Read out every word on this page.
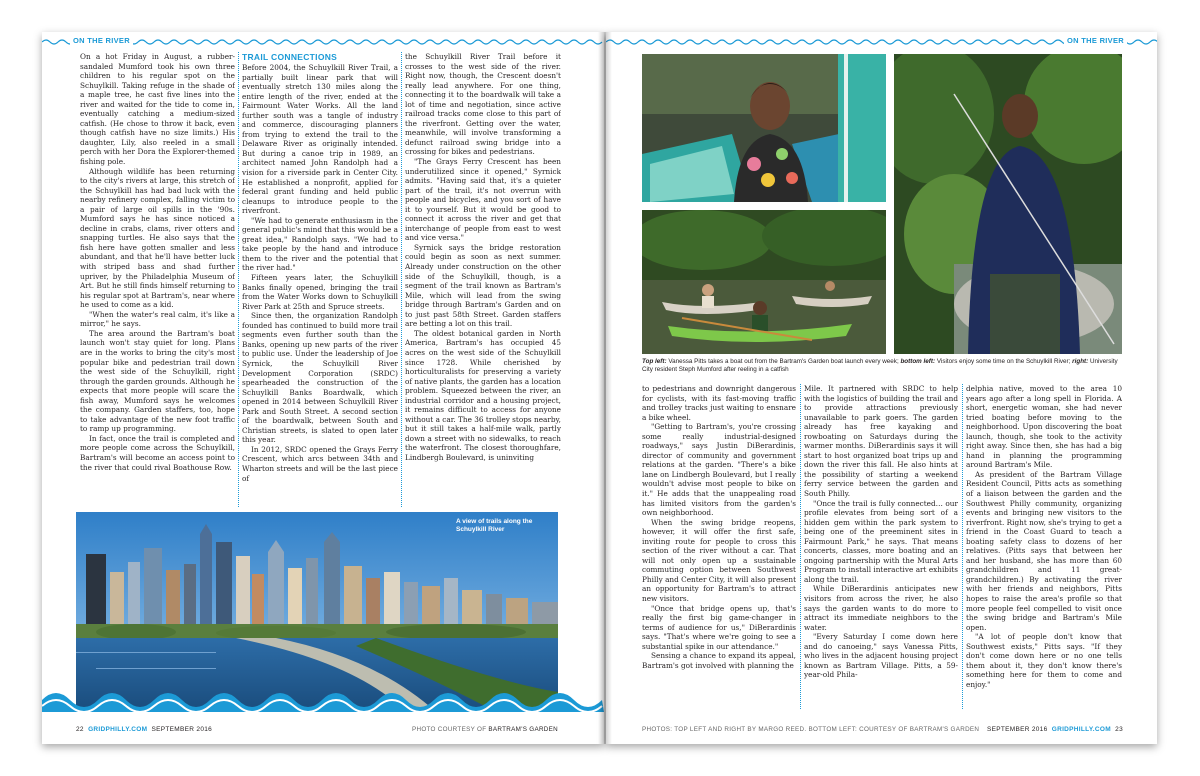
ON THE RIVER

On a hot Friday in August, a rubber-sandaled Mumford took his own three children to his regular spot on the Schuylkill. Taking refuge in the shade of a maple tree, he cast five lines into the river and waited for the tide to come in, eventually catching a medium-sized catfish. (He chose to throw it back, even though catfish have no size limits.) His daughter, Lily, also reeled in a small perch with her Dora the Explorer-themed fishing pole.

Although wildlife has been returning to the city's rivers at large, this stretch of the Schuylkill has had bad luck with the nearby refinery complex, falling victim to a pair of large oil spills in the '90s. Mumford says he has since noticed a decline in crabs, clams, river otters and snapping turtles. He also says that the fish here have gotten smaller and less abundant, and that he'll have better luck with striped bass and shad further upriver, by the Philadelphia Museum of Art. But he still finds himself returning to his regular spot at Bartram's, near where he used to come as a kid.

"When the water's real calm, it's like a mirror," he says.

The area around the Bartram's boat launch won't stay quiet for long. Plans are in the works to bring the city's most popular bike and pedestrian trail down the west side of the Schuylkill, right through the garden grounds. Although he expects that more people will scare the fish away, Mumford says he welcomes the company. Garden staffers, too, hope to take advantage of the new foot traffic to ramp up programming.

In fact, once the trail is completed and more people come across the Schuylkill, Bartram's will become an access point to the river that could rival Boathouse Row.

TRAIL CONNECTIONS

Before 2004, the Schuylkill River Trail, a partially built linear park that will eventually stretch 130 miles along the entire length of the river, ended at the Fairmount Water Works. All the land further south was a tangle of industry and commerce, discouraging planners from trying to extend the trail to the Delaware River as originally intended. But during a canoe trip in 1989, an architect named John Randolph had a vision for a riverside park in Center City. He established a nonprofit, applied for federal grant funding and held public cleanups to introduce people to the riverfront.

"We had to generate enthusiasm in the general public's mind that this would be a great idea," Randolph says. "We had to take people by the hand and introduce them to the river and the potential that the river had."

Fifteen years later, the Schuylkill Banks finally opened, bringing the trail from the Water Works down to Schuylkill River Park at 25th and Spruce streets.

Since then, the organization Randolph founded has continued to build more trail segments even further south than the Banks, opening up new parts of the river to public use. Under the leadership of Joe Syrnick, the Schuylkill River Development Corporation (SRDC) spearheaded the construction of the Schuylkill Banks Boardwalk, which opened in 2014 between Schuylkill River Park and South Street. A second section of the boardwalk, between South and Christian streets, is slated to open later this year.

In 2012, SRDC opened the Grays Ferry Crescent, which arcs between 34th and Wharton streets and will be the last piece of

the Schuylkill River Trail before it crosses to the west side of the river. Right now, though, the Crescent doesn't really lead anywhere. For one thing, connecting it to the boardwalk will take a lot of time and negotiation, since active railroad tracks come close to this part of the riverfront. Getting over the water, meanwhile, will involve transforming a defunct railroad swing bridge into a crossing for bikes and pedestrians.

"The Grays Ferry Crescent has been underutilized since it opened," Syrnick admits. "Having said that, it's a quieter part of the trail, it's not overrun with people and bicycles, and you sort of have it to yourself. But it would be good to connect it across the river and get that interchange of people from east to west and vice versa."

Syrnick says the bridge restoration could begin as soon as next summer. Already under construction on the other side of the Schuylkill, though, is a segment of the trail known as Bartram's Mile, which will lead from the swing bridge through Bartram's Garden and on to just past 58th Street. Garden staffers are betting a lot on this trail.

The oldest botanical garden in North America, Bartram's has occupied 45 acres on the west side of the Schuylkill since 1728. While cherished by horticulturalists for preserving a variety of native plants, the garden has a location problem. Squeezed between the river, an industrial corridor and a housing project, it remains difficult to access for anyone without a car. The 36 trolley stops nearby, but it still takes a half-mile walk, partly down a street with no sidewalks, to reach the waterfront. The closest thoroughfare, Lindbergh Boulevard, is uninviting

A view of trails along the Schuylkill River
22 GRIDPHILLY.COM SEPTEMBER 2016	PHOTO COURTESY OF BARTRAM'S GARDEN
ON THE RIVER
Top left: Vanessa Pitts takes a boat out from the Bartram's Garden boat launch every week; bottom left: Visitors enjoy some time on the Schuylkill River; right: University City resident Steph Mumford after reeling in a catfish

to pedestrians and downright dangerous for cyclists, with its fast-moving traffic and trolley tracks just waiting to ensnare a bike wheel.

"Getting to Bartram's, you're crossing some really industrial-designed roadways," says Justin DiBerardinis, director of community and government relations at the garden. "There's a bike lane on Lindbergh Boulevard, but I really wouldn't advise most people to bike on it." He adds that the unappealing road has limited visitors from the garden's own neighborhood.

When the swing bridge reopens, however, it will offer the first safe, inviting route for people to cross this section of the river without a car. That will not only open up a sustainable commuting option between Southwest Philly and Center City, it will also present an opportunity for Bartram's to attract new visitors.

"Once that bridge opens up, that's really the first big game-changer in terms of audience for us," DiBerardinis says. "That's where we're going to see a substantial spike in our attendance."

Sensing a chance to expand its appeal, Bartram's got involved with planning the

Mile. It partnered with SRDC to help with the logistics of building the trail and to provide attractions previously unavailable to park goers. The garden already has free kayaking and rowboating on Saturdays during the warmer months. DiBerardinis says it will start to host organized boat trips up and down the river this fall. He also hints at the possibility of starting a weekend ferry service between the garden and South Philly.

"Once the trail is fully connected… our profile elevates from being sort of a hidden gem within the park system to being one of the preeminent sites in Fairmount Park," he says. That means concerts, classes, more boating and an ongoing partnership with the Mural Arts Program to install interactive art exhibits along the trail.

While DiBerardinis anticipates new visitors from across the river, he also says the garden wants to do more to attract its immediate neighbors to the water.

"Every Saturday I come down here and do canoeing," says Vanessa Pitts, who lives in the adjacent housing project known as Bartram Village. Pitts, a 59-year-old Phila-

delphia native, moved to the area 10 years ago after a long spell in Florida. A short, energetic woman, she had never tried boating before moving to the neighborhood. Upon discovering the boat launch, though, she took to the activity right away. Since then, she has had a big hand in planning the programming around Bartram's Mile.

As president of the Bartram Village Resident Council, Pitts acts as something of a liaison between the garden and the Southwest Philly community, organizing events and bringing new visitors to the riverfront. Right now, she's trying to get a friend in the Coast Guard to teach a boating safety class to dozens of her relatives. (Pitts says that between her and her husband, she has more than 60 grandchildren and 11 great-grandchildren.) By activating the river with her friends and neighbors, Pitts hopes to raise the area's profile so that more people feel compelled to visit once the swing bridge and Bartram's Mile open.

"A lot of people don't know that Southwest exists," Pitts says. "If they don't come down here or no one tells them about it, they don't know there's something here for them to come and enjoy."

PHOTOS: TOP LEFT AND RIGHT BY MARGO REED. BOTTOM LEFT: COURTESY OF BARTRAM'S GARDEN SEPTEMBER 2016 GRIDPHILLY.COM 23
